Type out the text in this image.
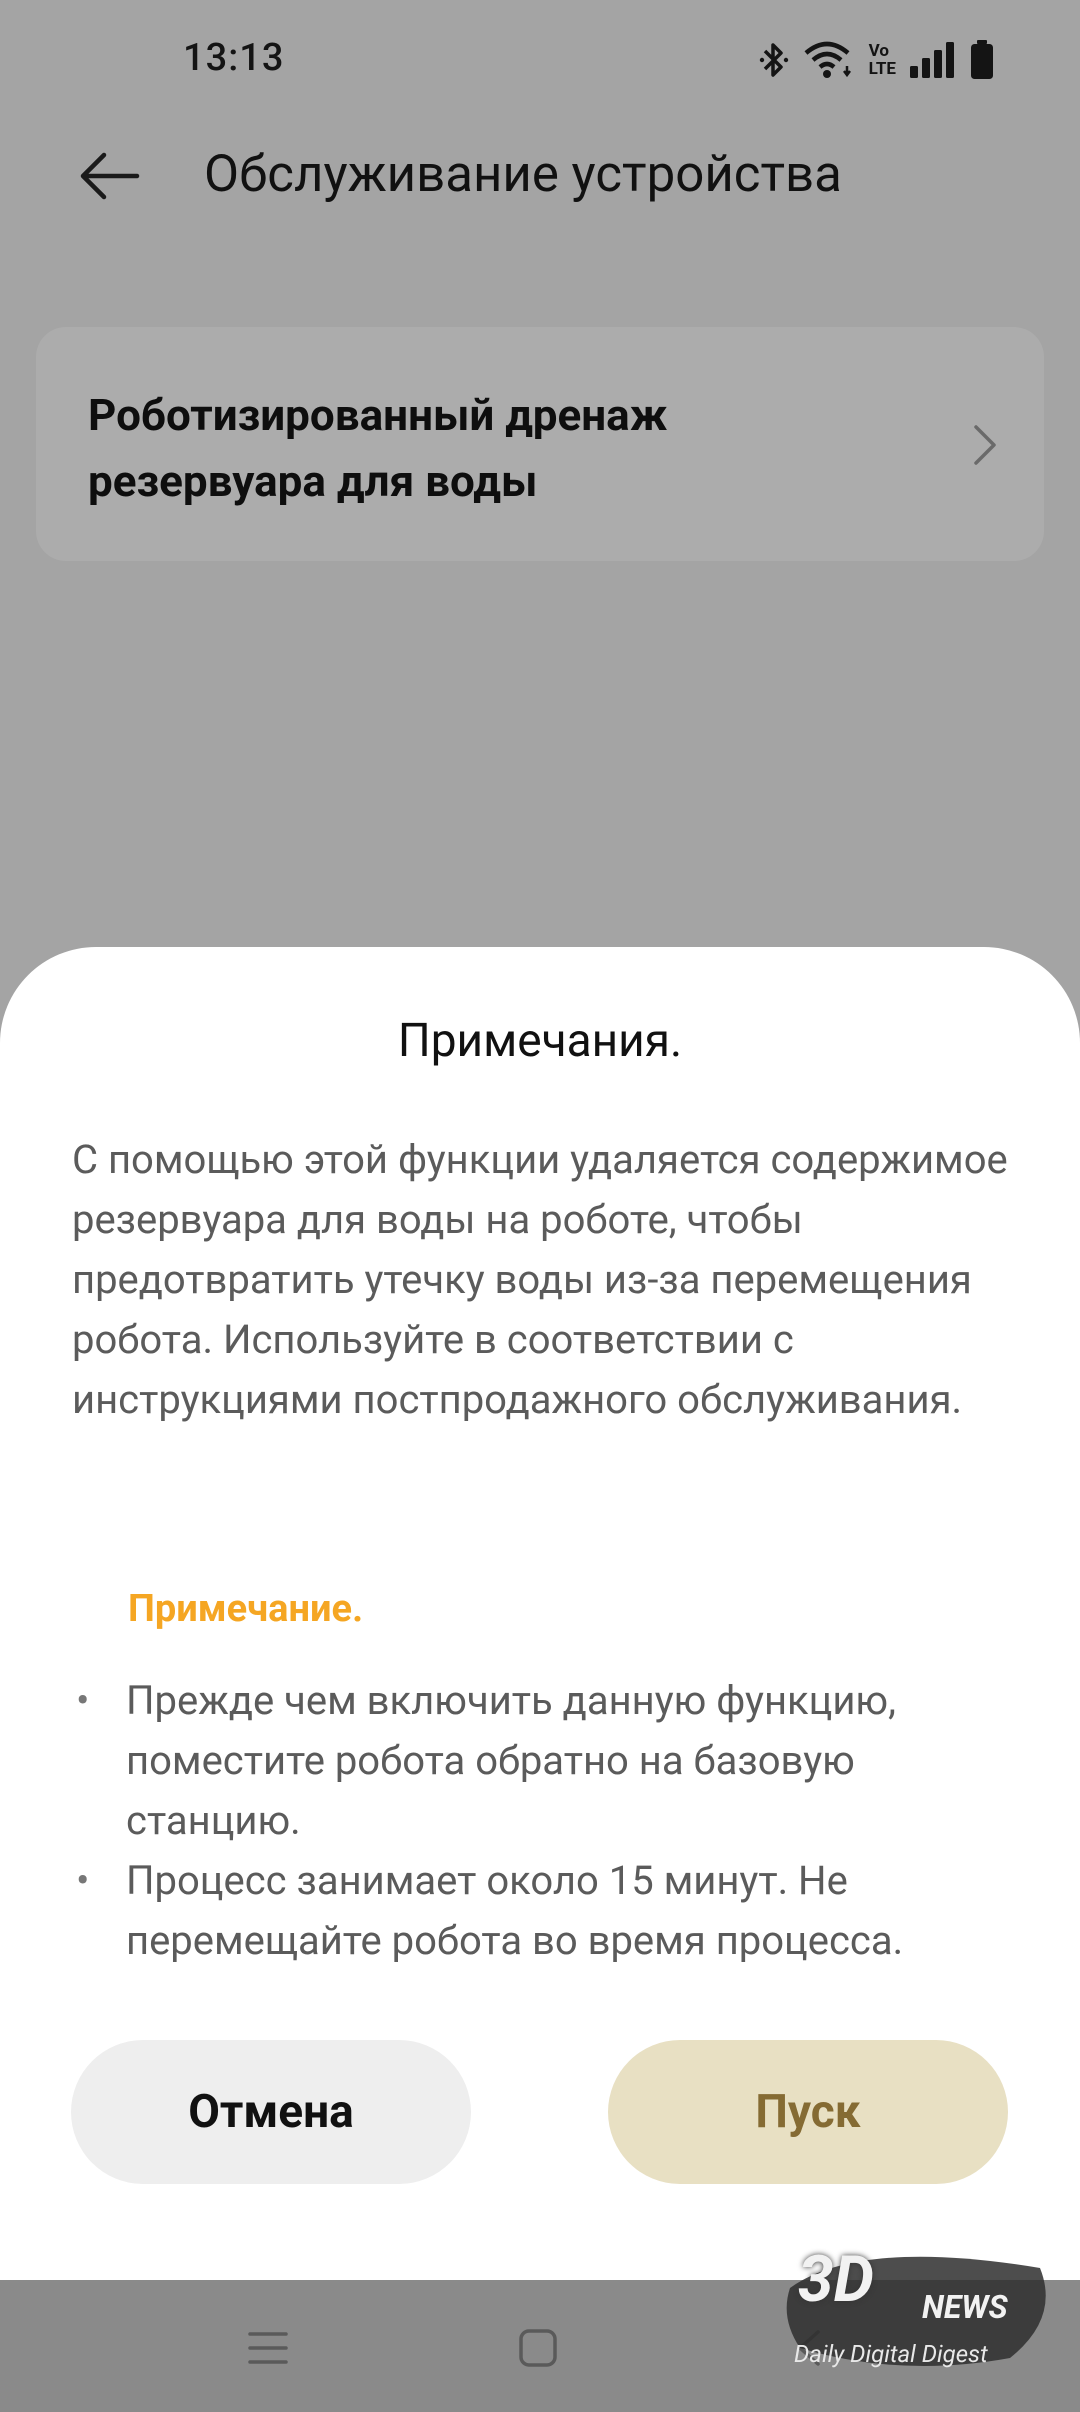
13:13	Vo
LTE
Обслуживание устройства
Роботизированный дренаж резервуара для воды
Примечания.
С помощью этой функции удаляется содержимое резервуара для воды на роботе, чтобы предотвратить утечку воды из-за перемещения робота. Используйте в соответствии с инструкциями постпродажного обслуживания.
Примечание.
• Прежде чем включить данную функцию, поместите робота обратно на базовую станцию.
• Процесс занимает около 15 минут. Не перемещайте робота во время процесса.
Отмена	Пуск
3D NEWS
Daily Digital Digest
